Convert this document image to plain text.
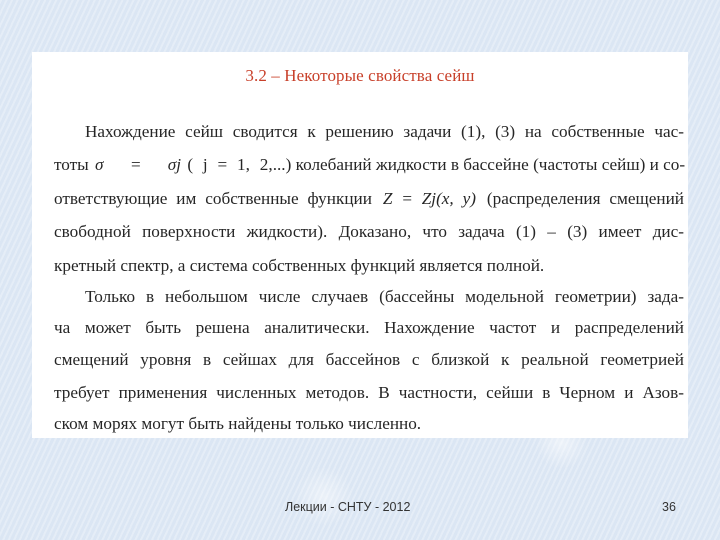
3.2 – Некоторые свойства сейш
Нахождение сейш сводится к решению задачи (1), (3) на собственные час-
тоты σ = σj ( j = 1, 2,...) колебаний жидкости в бассейне (частоты сейш) и со-
ответствующие им собственные функции Z = Zj(x, y) (распределения смещений
свободной поверхности жидкости). Доказано, что задача (1) – (3) имеет дис-
кретный спектр, а система собственных функций является полной.
Только в небольшом числе случаев (бассейны модельной геометрии) зада-
ча может быть решена аналитически. Нахождение частот и распределений
смещений уровня в сейшах для бассейнов с близкой к реальной геометрией
требует применения численных методов. В частности, сейши в Черном и Азов-
ском морях могут быть найдены только численно.
Лекции - СНТУ - 2012	36
